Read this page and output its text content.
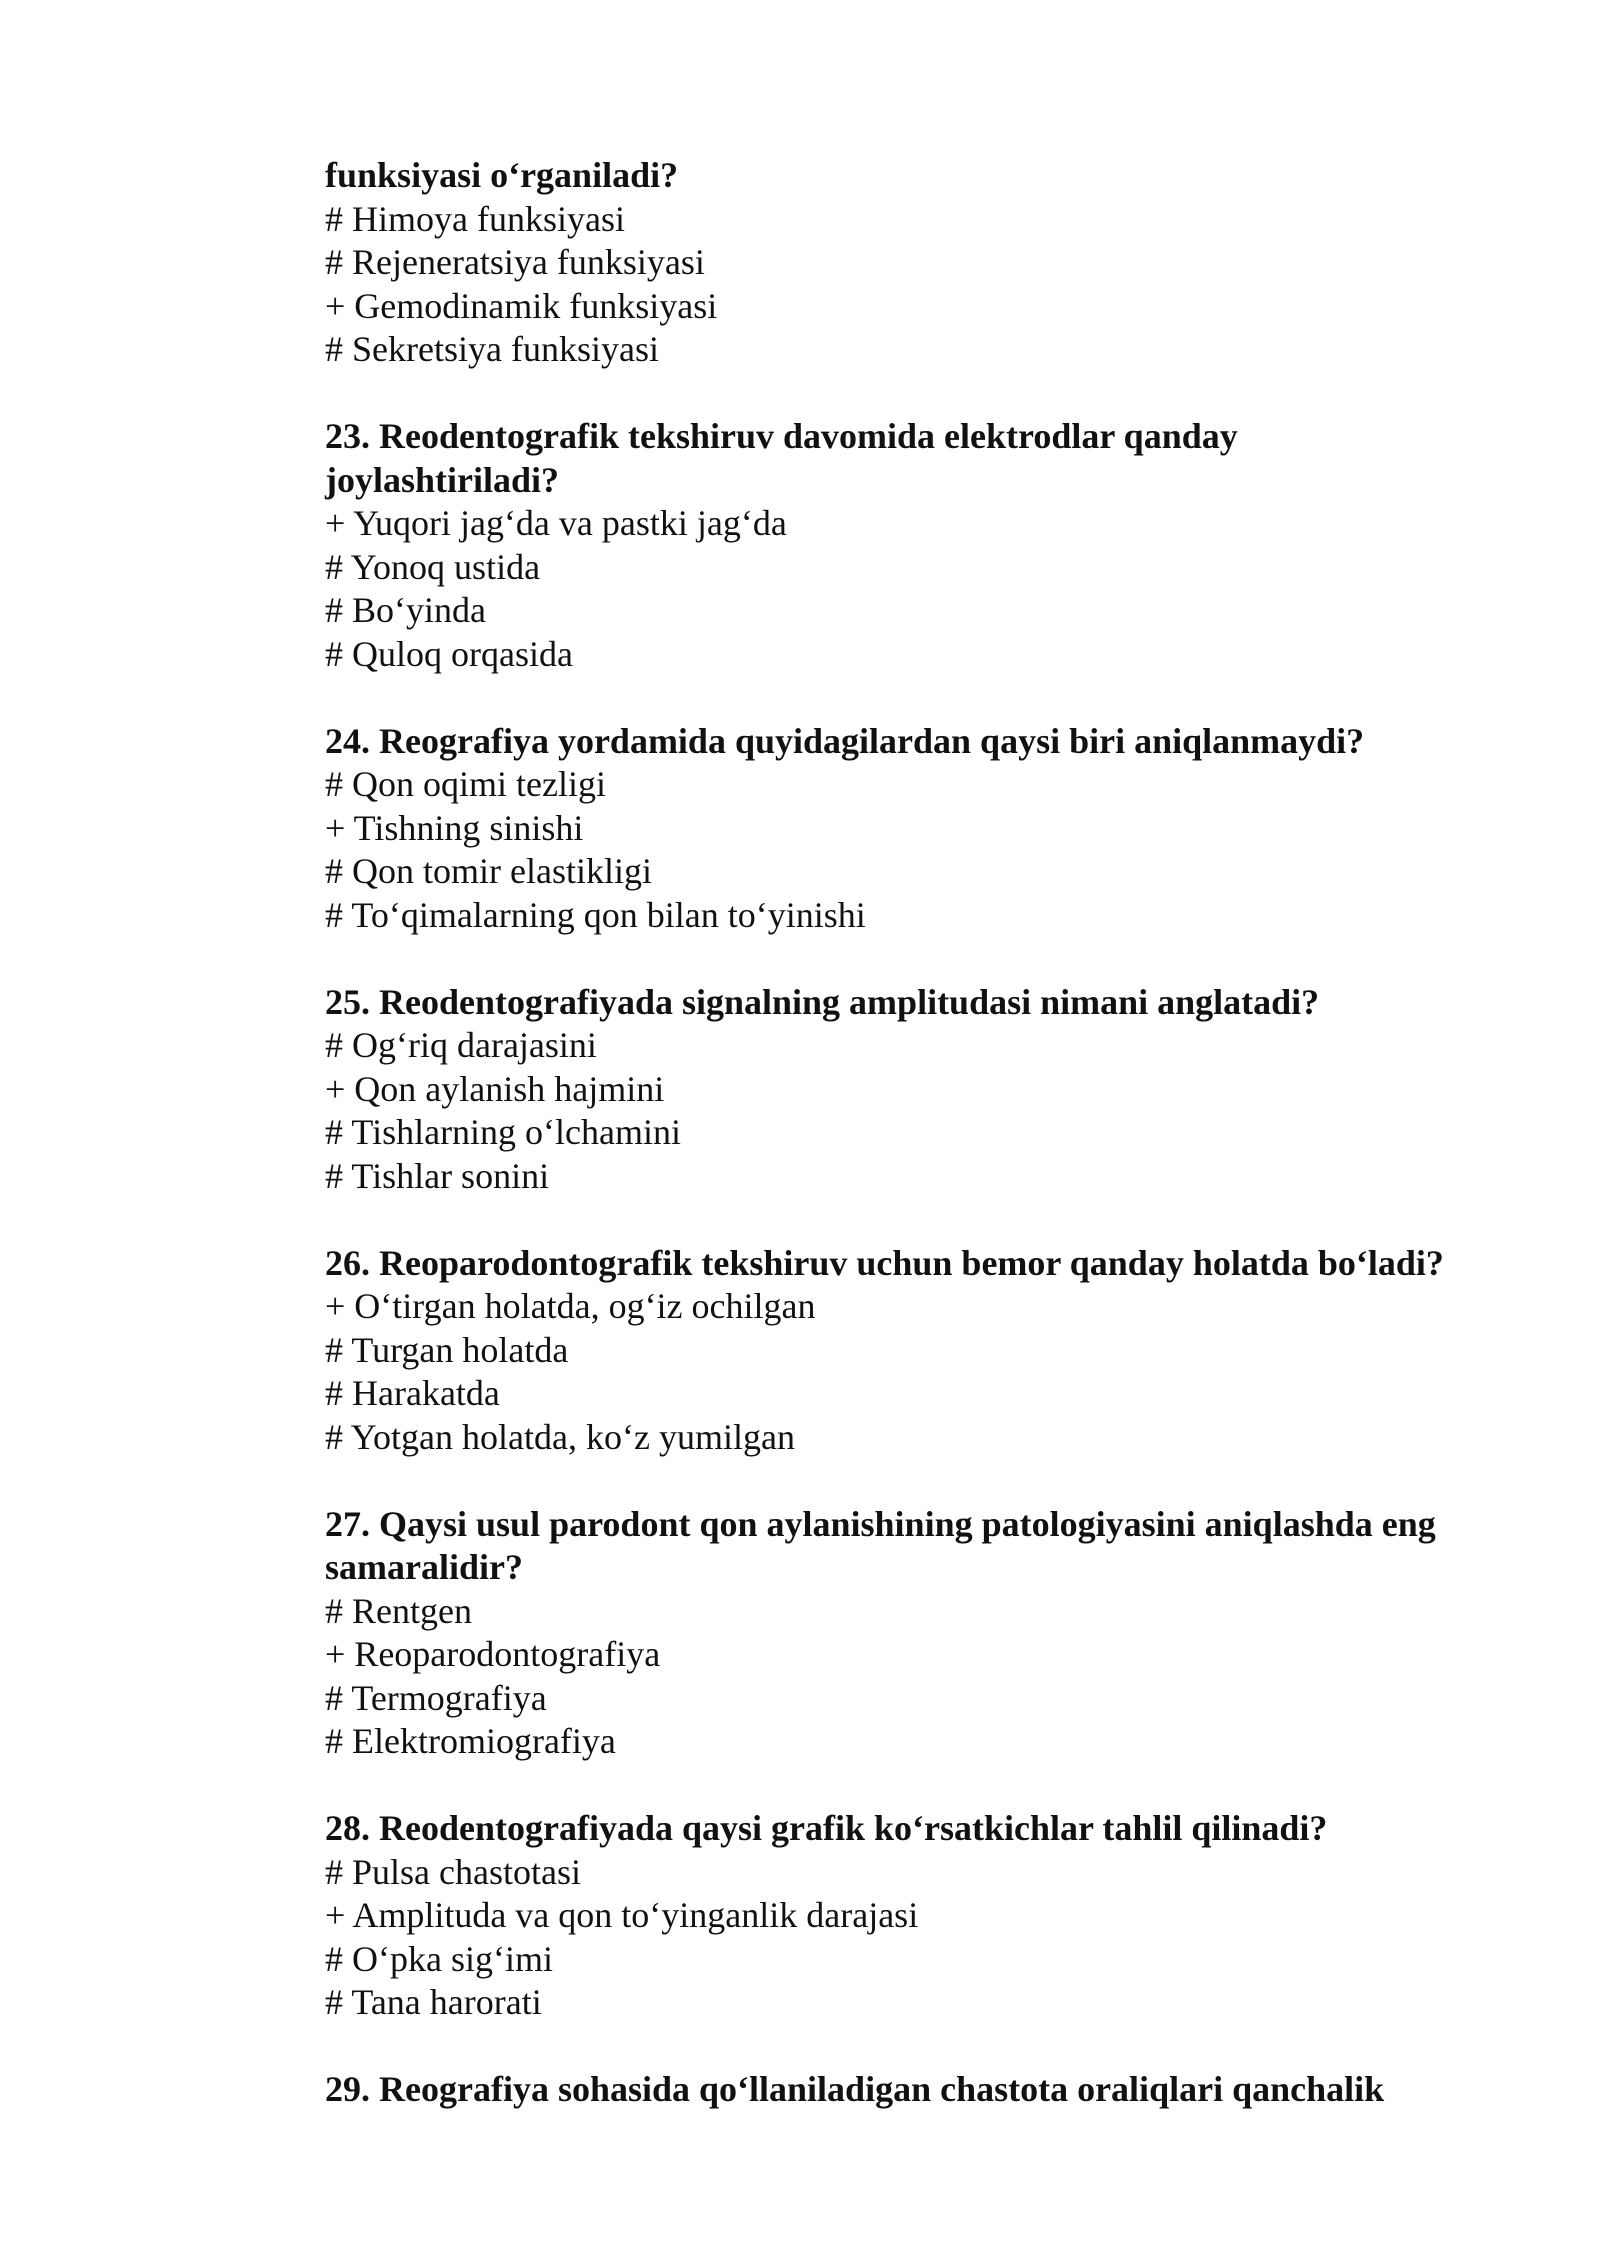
funksiyasi o‘rganiladi?
# Himoya funksiyasi
# Rejeneratsiya funksiyasi
+ Gemodinamik funksiyasi
# Sekretsiya funksiyasi
23. Reodentografik tekshiruv davomida elektrodlar qanday
joylashtiriladi?
+ Yuqori jag‘da va pastki jag‘da
# Yonoq ustida
# Bo‘yinda
# Quloq orqasida
24. Reografiya yordamida quyidagilardan qaysi biri aniqlanmaydi?
# Qon oqimi tezligi
+ Tishning sinishi
# Qon tomir elastikligi
# To‘qimalarning qon bilan to‘yinishi
25. Reodentografiyada signalning amplitudasi nimani anglatadi?
# Og‘riq darajasini
+ Qon aylanish hajmini
# Tishlarning o‘lchamini
# Tishlar sonini
26. Reoparodontografik tekshiruv uchun bemor qanday holatda bo‘ladi?
+ O‘tirgan holatda, og‘iz ochilgan
# Turgan holatda
# Harakatda
# Yotgan holatda, ko‘z yumilgan
27. Qaysi usul parodont qon aylanishining patologiyasini aniqlashda eng
samaralidir?
# Rentgen
+ Reoparodontografiya
# Termografiya
# Elektromiografiya
28. Reodentografiyada qaysi grafik ko‘rsatkichlar tahlil qilinadi?
# Pulsa chastotasi
+ Amplituda va qon to‘yinganlik darajasi
# O‘pka sig‘imi
# Tana harorati
29. Reografiya sohasida qo‘llaniladigan chastota oraliqlari qanchalik
